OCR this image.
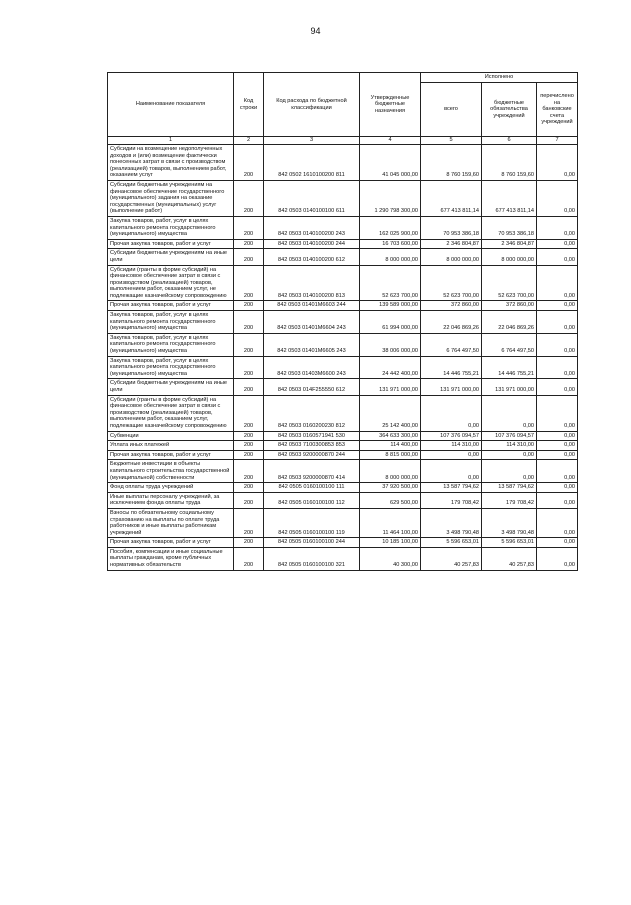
94
Наименование показателя	Код строки	Код расхода по бюджетной классификации	Утвержденные бюджетные назначения	Исполнено		
				всего	бюджетные обязательства учреждений	перечислено на банковские счета учреждений
1	2	3	4	5	6	7
Субсидии на возмещение недополученных доходов и (или) возмещение фактически понесенных затрат в связи с производством (реализацией) товаров, выполнением работ, оказанием услуг	200	842 0502 1610100200 811	41 045 000,00	8 760 159,60	8 760 159,60	0,00
Субсидии бюджетным учреждениям на финансовое обеспечение государственного (муниципального) задания на оказание государственных (муниципальных) услуг (выполнение работ)	200	842 0503 0140100100 611	1 290 798 300,00	677 413 811,14	677 413 811,14	0,00
Закупка товаров, работ, услуг в целях капитального ремонта государственного (муниципального) имущества	200	842 0503 0140100200 243	162 025 900,00	70 953 386,18	70 953 386,18	0,00
Прочая закупка товаров, работ и услуг	200	842 0503 0140100200 244	16 703 600,00	2 346 804,87	2 346 804,87	0,00
Субсидии бюджетным учреждениям на иные цели	200	842 0503 0140100200 612	8 000 000,00	8 000 000,00	8 000 000,00	0,00
Субсидии (гранты в форме субсидий) на финансовое обеспечение затрат в связи с производством (реализацией) товаров, выполнением работ, оказанием услуг, не подлежащие казначейскому сопровождению	200	842 0503 0140100200 813	52 623 700,00	52 623 700,00	52 623 700,00	0,00
Прочая закупка товаров, работ и услуг	200	842 0503 01401M6603 244	139 589 000,00	372 860,00	372 860,00	0,00
Закупка товаров, работ, услуг в целях капитального ремонта государственного (муниципального) имущества	200	842 0503 01401M6604 243	61 994 000,00	22 046 869,26	22 046 869,26	0,00
Закупка товаров, работ, услуг в целях капитального ремонта государственного (муниципального) имущества	200	842 0503 01401M6605 243	38 006 000,00	6 764 497,50	6 764 497,50	0,00
Закупка товаров, работ, услуг в целях капитального ремонта государственного (муниципального) имущества	200	842 0503 01403M6600 243	24 442 400,00	14 446 755,21	14 446 755,21	0,00
Субсидии бюджетным учреждениям на иные цели	200	842 0503 014F255550 612	131 971 000,00	131 971 000,00	131 971 000,00	0,00
Субсидии (гранты в форме субсидий) на финансовое обеспечение затрат в связи с производством (реализацией) товаров, выполнением работ, оказанием услуг, подлежащие казначейскому сопровождению	200	842 0503 0160200230 812	25 142 400,00	0,00	0,00	0,00
Субвенции	200	842 0503 0160571941 530	364 633 300,00	107 376 094,57	107 376 094,57	0,00
Уплата иных платежей	200	842 0503 7100300853 853	114 400,00	114 310,00	114 310,00	0,00
Прочая закупка товаров, работ и услуг	200	842 0503 9200000870 244	8 815 000,00	0,00	0,00	0,00
Бюджетные инвестиции в объекты капитального строительства государственной (муниципальной) собственности	200	842 0503 9200000870 414	8 000 000,00	0,00	0,00	0,00
Фонд оплаты труда учреждений	200	842 0505 0160100100 111	37 920 500,00	13 587 794,62	13 587 794,62	0,00
Иные выплаты персоналу учреждений, за исключением фонда оплаты труда	200	842 0505 0160100100 112	629 500,00	179 708,42	179 708,42	0,00
Взносы по обязательному социальному страхованию на выплаты по оплате труда работников и иные выплаты работникам учреждений	200	842 0505 0160100100 119	11 464 100,00	3 498 790,48	3 498 790,48	0,00
Прочая закупка товаров, работ и услуг	200	842 0505 0160100100 244	10 185 100,00	5 596 653,01	5 596 653,01	0,00
Пособия, компенсации и иные социальные выплаты гражданам, кроме публичных нормативных обязательств	200	842 0505 0160100100 321	40 300,00	40 257,83	40 257,83	0,00
